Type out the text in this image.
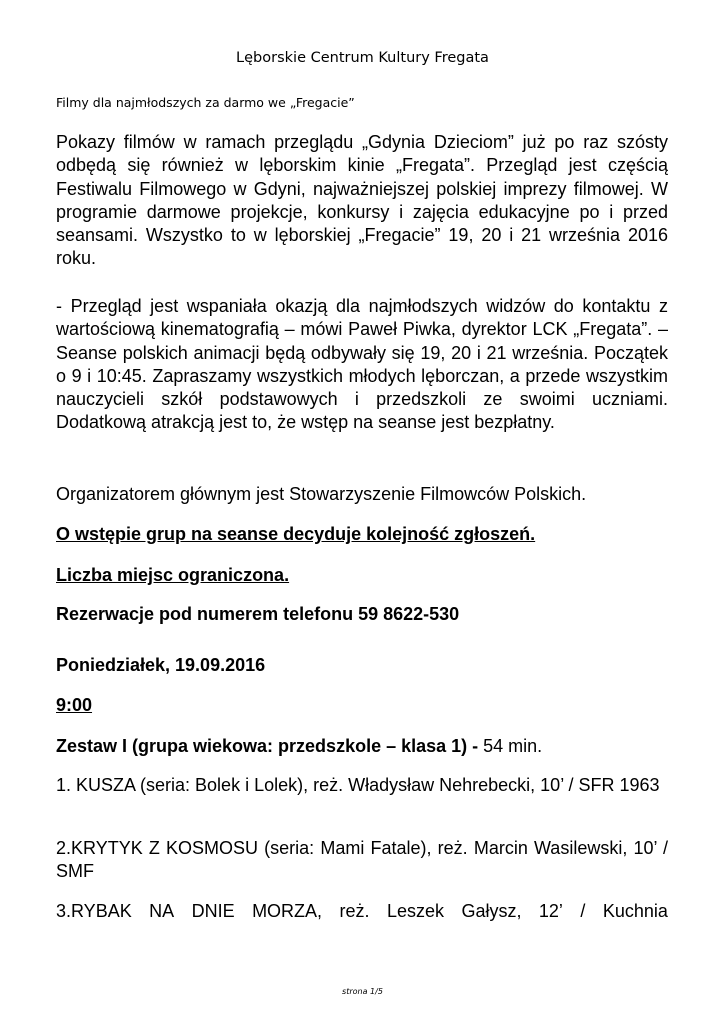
Lęborskie Centrum Kultury Fregata
Filmy dla najmłodszych za darmo we „Fregacie”
Pokazy filmów w ramach przeglądu „Gdynia Dzieciom” już po raz szósty odbędą się również w lęborskim kinie „Fregata”. Przegląd jest częścią Festiwalu Filmowego w Gdyni, najważniejszej polskiej imprezy filmowej. W programie darmowe projekcje, konkursy i zajęcia edukacyjne po i przed seansami. Wszystko to w lęborskiej „Fregacie” 19, 20 i 21 września 2016 roku.
- Przegląd jest wspaniała okazją dla najmłodszych widzów do kontaktu z wartościową kinematografią – mówi Paweł Piwka, dyrektor LCK „Fregata”. – Seanse polskich animacji będą odbywały się 19, 20 i 21 września. Początek o 9 i 10:45. Zapraszamy wszystkich młodych lęborczan, a przede wszystkim nauczycieli szkół podstawowych i przedszkoli ze swoimi uczniami. Dodatkową atrakcją jest to, że wstęp na seanse jest bezpłatny.
Organizatorem głównym jest Stowarzyszenie Filmowców Polskich.
O wstępie grup na seanse decyduje kolejność zgłoszeń.
Liczba miejsc ograniczona.
Rezerwacje pod numerem telefonu 59 8622-530
Poniedziałek, 19.09.2016
9:00
Zestaw I (grupa wiekowa: przedszkole – klasa 1) - 54 min.
1. KUSZA (seria: Bolek i Lolek), reż. Władysław Nehrebecki, 10’ / SFR 1963
2.KRYTYK Z KOSMOSU (seria: Mami Fatale), reż. Marcin Wasilewski, 10’ / SMF
3.RYBAK NA DNIE MORZA, reż. Leszek Gałysz, 12’ / Kuchnia
strona 1/5
